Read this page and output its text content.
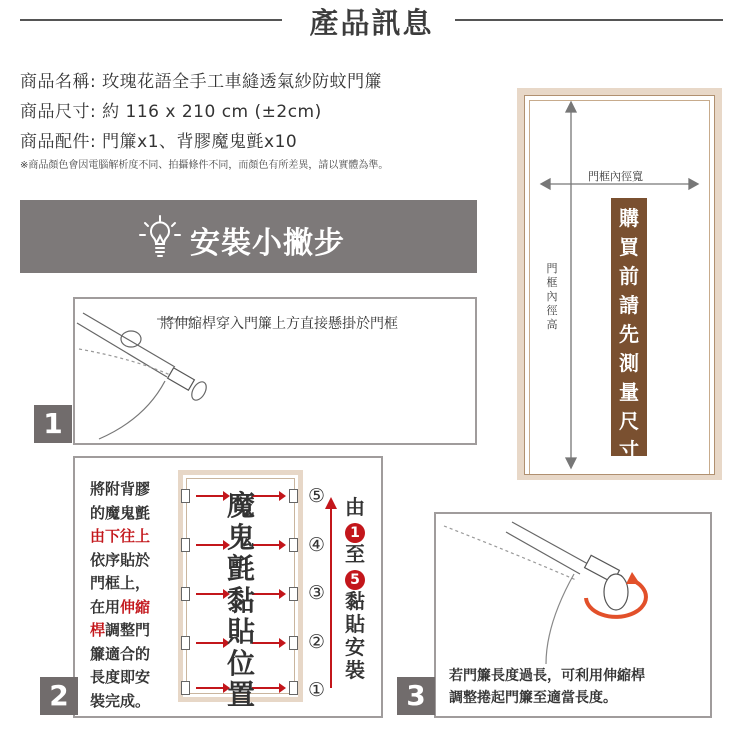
產品訊息
商品名稱: 玫瑰花語全手工車縫透氣紗防蚊門簾
商品尺寸: 約 116 x 210 cm (±2cm)
商品配件: 門簾x1、背膠魔鬼氈x10
※商品顏色會因電腦解析度不同、拍攝條件不同，而顏色有所差異，請以實體為準。
安裝小撇步
將伸縮桿穿入門簾上方直接懸掛於門框
1
將附背膠
的魔鬼氈
由下往上
依序貼於
門框上，
在用伸縮
桿調整門
簾適合的
長度即安
裝完成。
魔
鬼
氈
黏
貼
位
置
⑤
④
③
②
①
由
1
至
5
黏
貼
安
裝
2	3
若門簾長度過長，可利用伸縮桿
調整捲起門簾至適當長度。
門框內徑寬
門
框
內
徑
高
購
買
前
請
先
測
量
尺
寸
